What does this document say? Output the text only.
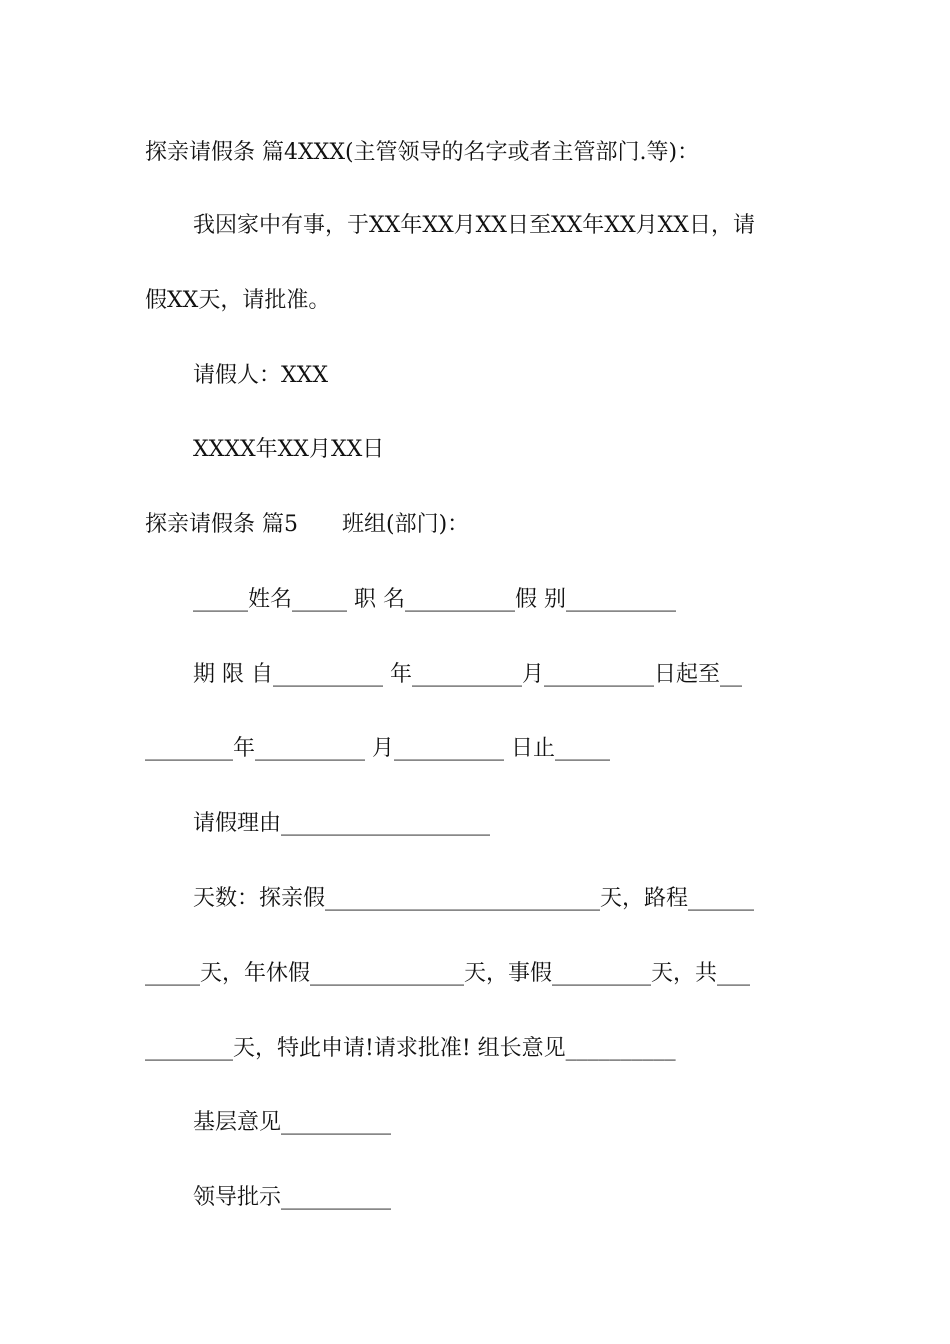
探亲请假条 篇4XXX(主管领导的名字或者主管部门.等)：
我因家中有事，于XX年XX月XX日至XX年XX月XX日，请
假XX天，请批准。
请假人：XXX
XXXX年XX月XX日
探亲请假条 篇5　　班组(部门)：
_____姓名_____ 职 名__________假 别__________
期 限 自__________ 年__________月__________日起至__
________年__________ 月__________ 日止_____
请假理由___________________
天数：探亲假_________________________天，路程______
_____天，年休假______________天，事假_________天，共___
________天，特此申请!请求批准! 组长意见__________
基层意见__________
领导批示__________
